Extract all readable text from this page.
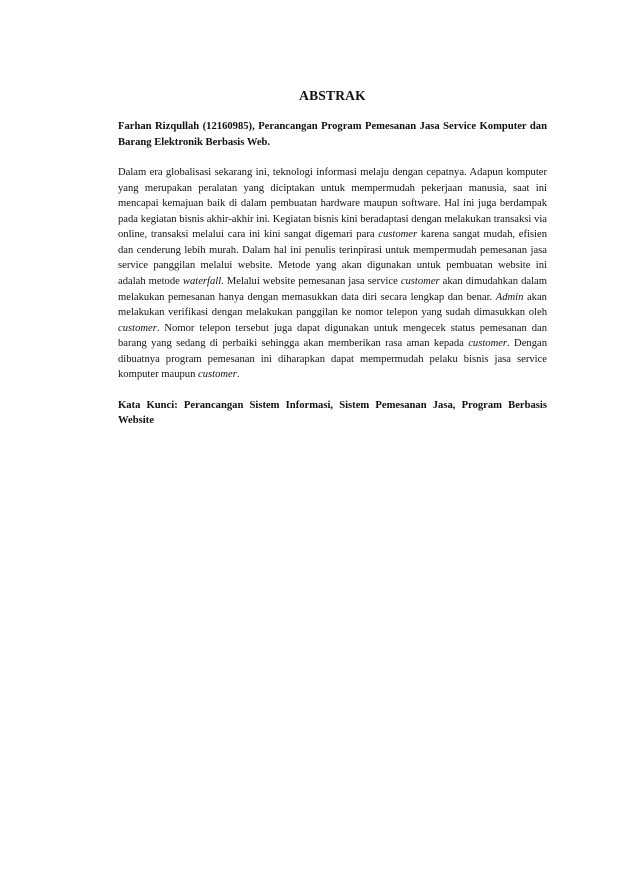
ABSTRAK

Farhan Rizqullah (12160985), Perancangan Program Pemesanan Jasa Service Komputer dan Barang Elektronik Berbasis Web.

Dalam era globalisasi sekarang ini, teknologi informasi melaju dengan cepatnya. Adapun komputer yang merupakan peralatan yang diciptakan untuk mempermudah pekerjaan manusia, saat ini mencapai kemajuan baik di dalam pembuatan hardware maupun software. Hal ini juga berdampak pada kegiatan bisnis akhir-akhir ini. Kegiatan bisnis kini beradaptasi dengan melakukan transaksi via online, transaksi melalui cara ini kini sangat digemari para customer karena sangat mudah, efisien dan cenderung lebih murah. Dalam hal ini penulis terinpirasi untuk mempermudah pemesanan jasa service panggilan melalui website. Metode yang akan digunakan untuk pembuatan website ini adalah metode waterfall. Melalui website pemesanan jasa service customer akan dimudahkan dalam melakukan pemesanan hanya dengan memasukkan data diri secara lengkap dan benar. Admin akan melakukan verifikasi dengan melakukan panggilan ke nomor telepon yang sudah dimasukkan oleh customer. Nomor telepon tersebut juga dapat digunakan untuk mengecek status pemesanan dan barang yang sedang di perbaiki sehingga akan memberikan rasa aman kepada customer. Dengan dibuatnya program pemesanan ini diharapkan dapat mempermudah pelaku bisnis jasa service komputer maupun customer.

Kata Kunci: Perancangan Sistem Informasi, Sistem Pemesanan Jasa, Program Berbasis Website
